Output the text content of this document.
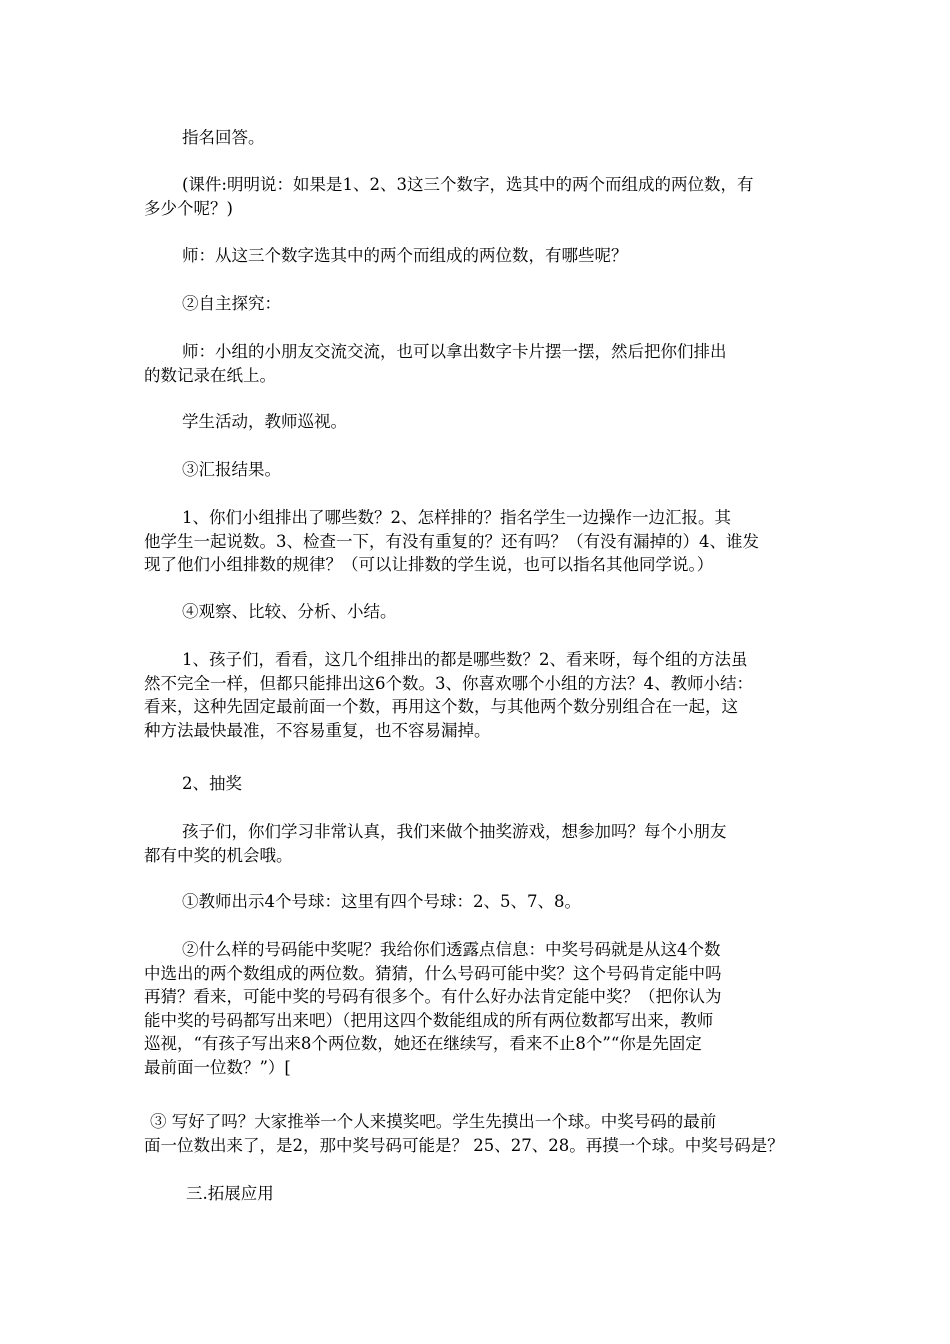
指名回答。
(课件:明明说：如果是1、2、3这三个数字，选其中的两个而组成的两位数，有
多少个呢？)
师：从这三个数字选其中的两个而组成的两位数，有哪些呢？
②自主探究：
师：小组的小朋友交流交流，也可以拿出数字卡片摆一摆，然后把你们排出
的数记录在纸上。
学生活动，教师巡视。
③汇报结果。
1、你们小组排出了哪些数？2、怎样排的？指名学生一边操作一边汇报。其
他学生一起说数。3、检查一下，有没有重复的？还有吗？（有没有漏掉的）4、谁发
现了他们小组排数的规律？（可以让排数的学生说，也可以指名其他同学说。）
④观察、比较、分析、小结。
1、孩子们，看看，这几个组排出的都是哪些数？2、看来呀，每个组的方法虽
然不完全一样，但都只能排出这6个数。3、你喜欢哪个小组的方法？4、教师小结：
看来，这种先固定最前面一个数，再用这个数，与其他两个数分别组合在一起，这
种方法最快最准，不容易重复，也不容易漏掉。
2、抽奖
孩子们，你们学习非常认真，我们来做个抽奖游戏，想参加吗？每个小朋友
都有中奖的机会哦。
①教师出示4个号球：这里有四个号球：2、5、7、8。
②什么样的号码能中奖呢？我给你们透露点信息：中奖号码就是从这4个数
中选出的两个数组成的两位数。猜猜，什么号码可能中奖？这个号码肯定能中吗
再猜？看来，可能中奖的号码有很多个。有什么好办法肯定能中奖？（把你认为
能中奖的号码都写出来吧）（把用这四个数能组成的所有两位数都写出来，教师
巡视，“有孩子写出来8个两位数，她还在继续写，看来不止8个”“你是先固定
最前面一位数？”）[
③ 写好了吗？大家推举一个人来摸奖吧。学生先摸出一个球。中奖号码的最前
面一位数出来了，是2，那中奖号码可能是？ 25、27、28。再摸一个球。中奖号码是？
三.拓展应用
